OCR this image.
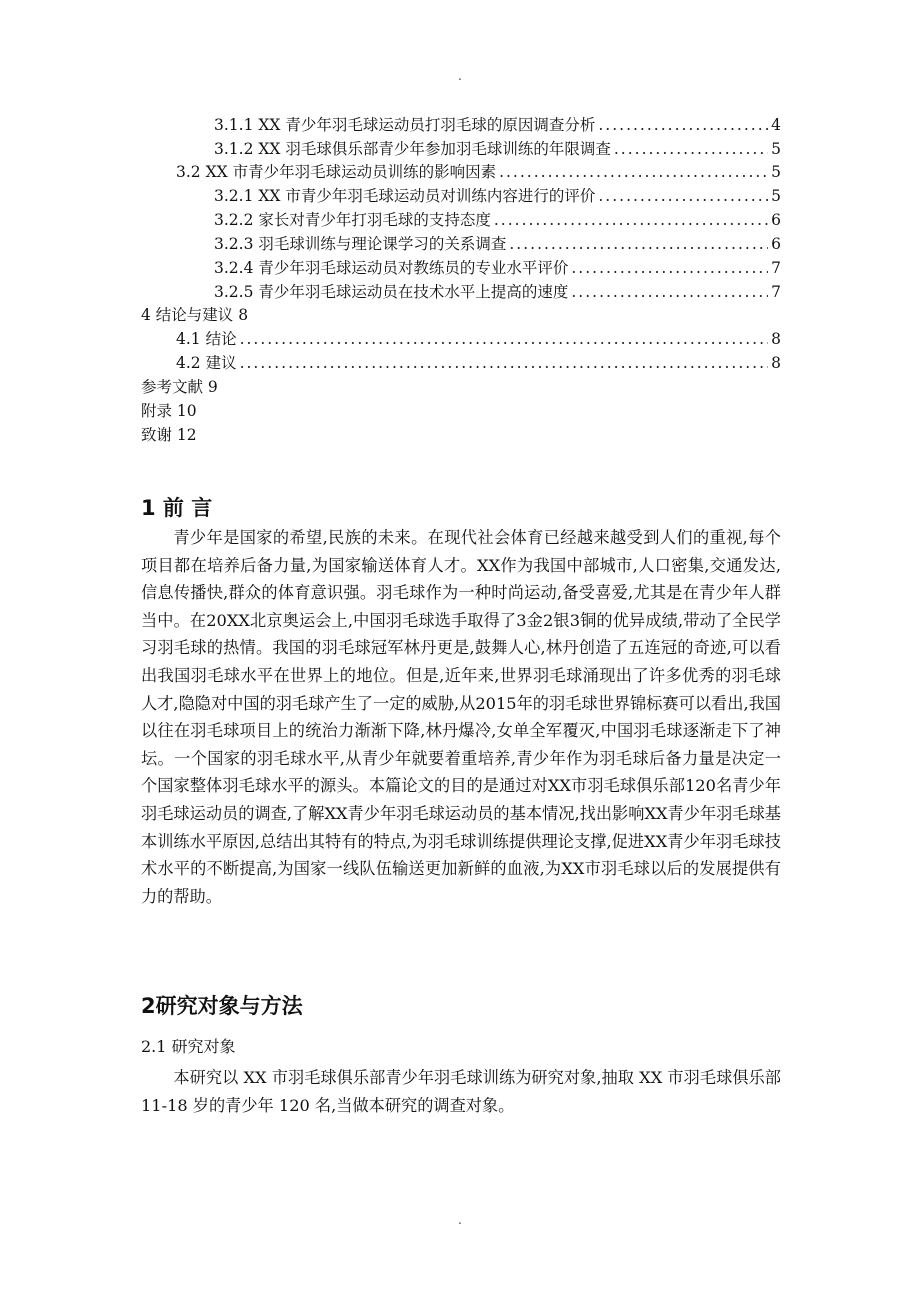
.
3.1.1 XX 青少年羽毛球运动员打羽毛球的原因调查分析 .....	4
3.1.2 XX 羽毛球俱乐部青少年参加羽毛球训练的年限调查 .....	5
3.2 XX 市青少年羽毛球运动员训练的影响因素 .....	5
3.2.1 XX 市青少年羽毛球运动员对训练内容进行的评价 .....	5
3.2.2 家长对青少年打羽毛球的支持态度 .....	6
3.2.3 羽毛球训练与理论课学习的关系调查 .....	6
3.2.4 青少年羽毛球运动员对教练员的专业水平评价 .....	7
3.2.5 青少年羽毛球运动员在技术水平上提高的速度 .....	7
4 结论与建议 8
4.1 结论 .....	8
4.2 建议 .....	8
参考文献 9
附录 10
致谢 12
1 前 言
青少年是国家的希望,民族的未来。在现代社会体育已经越来越受到人们的重视,每个项目都在培养后备力量,为国家输送体育人才。XX作为我国中部城市,人口密集,交通发达,信息传播快,群众的体育意识强。羽毛球作为一种时尚运动,备受喜爱,尤其是在青少年人群当中。在20XX北京奥运会上,中国羽毛球选手取得了3金2银3铜的优异成绩,带动了全民学习羽毛球的热情。我国的羽毛球冠军林丹更是,鼓舞人心,林丹创造了五连冠的奇迹,可以看出我国羽毛球水平在世界上的地位。但是,近年来,世界羽毛球涌现出了许多优秀的羽毛球人才,隐隐对中国的羽毛球产生了一定的威胁,从2015年的羽毛球世界锦标赛可以看出,我国以往在羽毛球项目上的统治力渐渐下降,林丹爆冷,女单全军覆灭,中国羽毛球逐渐走下了神坛。一个国家的羽毛球水平,从青少年就要着重培养,青少年作为羽毛球后备力量是决定一个国家整体羽毛球水平的源头。本篇论文的目的是通过对XX市羽毛球俱乐部120名青少年羽毛球运动员的调查,了解XX青少年羽毛球运动员的基本情况,找出影响XX青少年羽毛球基本训练水平原因,总结出其特有的特点,为羽毛球训练提供理论支撑,促进XX青少年羽毛球技术水平的不断提高,为国家一线队伍输送更加新鲜的血液,为XX市羽毛球以后的发展提供有力的帮助。
2研究对象与方法
2.1 研究对象
本研究以 XX 市羽毛球俱乐部青少年羽毛球训练为研究对象,抽取 XX 市羽毛球俱乐部 11-18 岁的青少年 120 名,当做本研究的调查对象。
.
